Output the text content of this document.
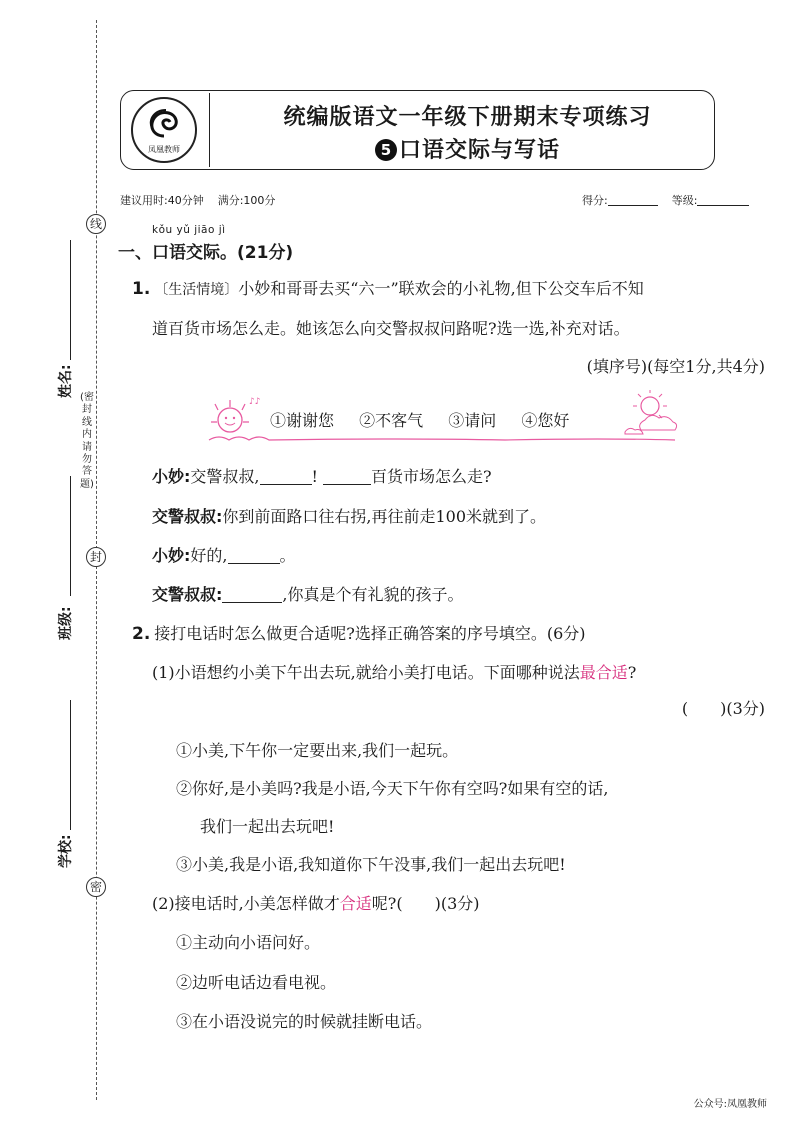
线
封
密
姓名:
班级:
学校:
(密封线内请勿答题)
凤凰教师
统编版语文一年级下册期末专项练习
5 口语交际与写话
建议用时:40分钟 满分:100分	得分:	等级:
kǒu yǔ jiāo jì
一、口语交际。(21分)
1. 〔生活情境〕小妙和哥哥去买“六一”联欢会的小礼物,但下公交车后不知
道百货市场怎么走。她该怎么向交警叔叔问路呢?选一选,补充对话。
(填序号)(每空1分,共4分)
♪♪
①谢谢您 ②不客气 ③请问 ④您好
小妙:交警叔叔,	!	百货市场怎么走?
交警叔叔:你到前面路口往右拐,再往前走100米就到了。
小妙:好的,	。
交警叔叔:	,你真是个有礼貌的孩子。
2. 接打电话时怎么做更合适呢?选择正确答案的序号填空。(6分)
(1)小语想约小美下午出去玩,就给小美打电话。下面哪种说法最合适?
(　　)(3分)
①小美,下午你一定要出来,我们一起玩。
②你好,是小美吗?我是小语,今天下午你有空吗?如果有空的话,
我们一起出去玩吧!
③小美,我是小语,我知道你下午没事,我们一起出去玩吧!
(2)接电话时,小美怎样做才合适呢?(　　)(3分)
①主动向小语问好。
②边听电话边看电视。
③在小语没说完的时候就挂断电话。
公众号:凤凰教师
